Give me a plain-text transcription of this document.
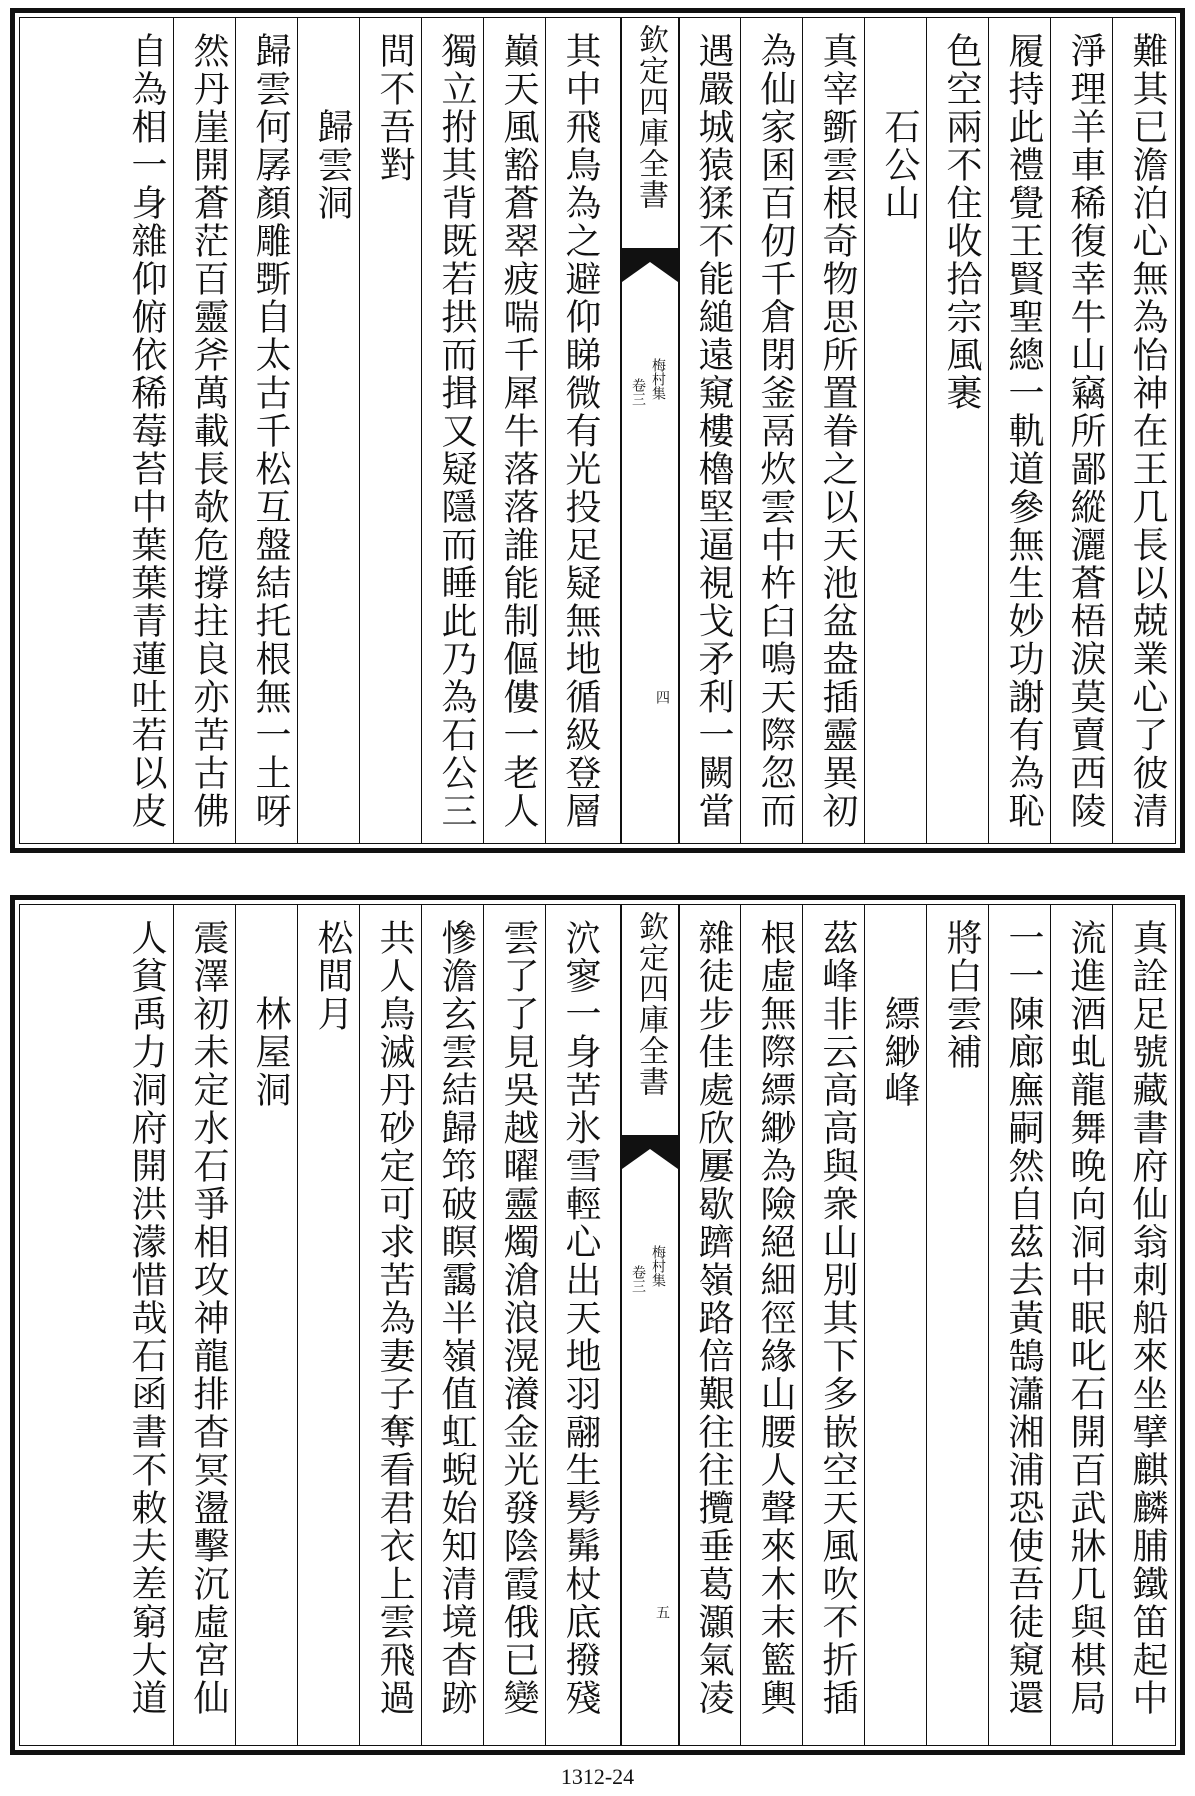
難其已澹泊心無為怡神在王几長以兢業心了彼清
淨理羊車稀復幸牛山竊所鄙縱灑蒼梧淚莫賣西陵
履持此禮覺王賢聖總一軌道參無生妙功謝有為恥
色空兩不住收拾宗風裹
石公山
真宰斵雲根奇物思所置眷之以天池盆盎插靈異初
為仙家囷百仞千倉閉釜鬲炊雲中杵臼鳴天際忽而
遇嚴城猿猱不能縋遠窺樓櫓堅逼視戈矛利一闕當
欽定四庫全書
梅村集
卷三
四
其中飛鳥為之避仰睇微有光投足疑無地循級登層
巔天風豁蒼翠疲喘千犀牛落落誰能制傴僂一老人
獨立拊其背既若拱而揖又疑隱而睡此乃為石公三
問不吾對
歸雲洞
歸雲何孱顏雕斲自太古千松互盤結托根無一土呀
然丹崖開蒼茫百靈斧萬載長欹危撐拄良亦苦古佛
自為相一身雜仰俯依稀莓苔中葉葉青蓮吐若以皮
真詮足號藏書府仙翁刺船來坐擘麒麟脯鐵笛起中
流進酒虬龍舞晚向洞中眠叱石開百武牀几與棋局
一一陳廊廡嗣然自茲去黃鵠瀟湘浦恐使吾徒窺還
將白雲補
縹緲峰
茲峰非云高高與衆山別其下多嵌空天風吹不折插
根虛無際縹緲為險絕細徑緣山腰人聲來木末籃輿
雜徒步佳處欣屢歇躋嶺路倍艱往往攬垂葛灝氣凌
欽定四庫全書
梅村集
卷三
五
泬寥一身苦氷雪輕心出天地羽翮生髣髴杖底撥殘
雲了了見吳越曜靈燭滄浪滉瀁金光發陰霞俄已變
慘澹玄雲結歸筇破瞑靄半嶺值虹蜺始知清境杳跡
共人鳥滅丹砂定可求苦為妻子奪看君衣上雲飛過
松間月
林屋洞
震澤初未定水石爭相攻神龍排杳冥盪擊沉虛宮仙
人貧禹力洞府開洪濛惜哉石函書不敕夫差窮大道
1312-24
